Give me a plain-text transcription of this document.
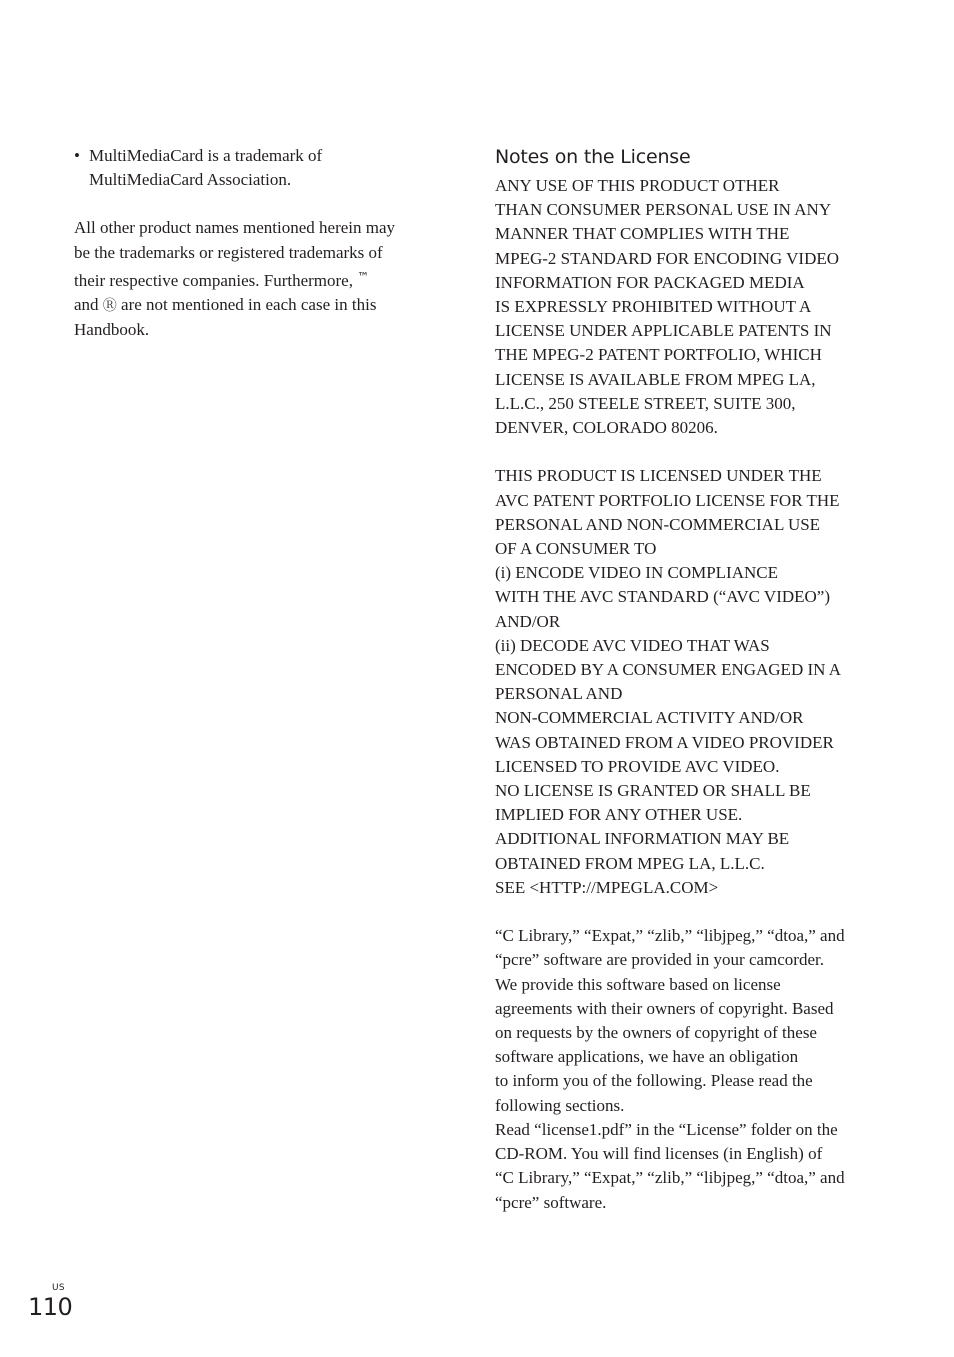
• MultiMediaCard is a trademark of
MultiMediaCard Association.
All other product names mentioned herein may
be the trademarks or registered trademarks of
their respective companies. Furthermore, ™
and Ⓡ are not mentioned in each case in this
Handbook.
Notes on the License

ANY USE OF THIS PRODUCT OTHER
THAN CONSUMER PERSONAL USE IN ANY
MANNER THAT COMPLIES WITH THE
MPEG-2 STANDARD FOR ENCODING VIDEO
INFORMATION FOR PACKAGED MEDIA
IS EXPRESSLY PROHIBITED WITHOUT A
LICENSE UNDER APPLICABLE PATENTS IN
THE MPEG-2 PATENT PORTFOLIO, WHICH
LICENSE IS AVAILABLE FROM MPEG LA,
L.L.C., 250 STEELE STREET, SUITE 300,
DENVER, COLORADO 80206.

THIS PRODUCT IS LICENSED UNDER THE
AVC PATENT PORTFOLIO LICENSE FOR THE
PERSONAL AND NON-COMMERCIAL USE
OF A CONSUMER TO
(i) ENCODE VIDEO IN COMPLIANCE
WITH THE AVC STANDARD (“AVC VIDEO”)
AND/OR
(ii) DECODE AVC VIDEO THAT WAS
ENCODED BY A CONSUMER ENGAGED IN A
PERSONAL AND
NON-COMMERCIAL ACTIVITY AND/OR
WAS OBTAINED FROM A VIDEO PROVIDER
LICENSED TO PROVIDE AVC VIDEO.
NO LICENSE IS GRANTED OR SHALL BE
IMPLIED FOR ANY OTHER USE.
ADDITIONAL INFORMATION MAY BE
OBTAINED FROM MPEG LA, L.L.C.
SEE <HTTP://MPEGLA.COM>

“C Library,” “Expat,” “zlib,” “libjpeg,” “dtoa,” and
“pcre” software are provided in your camcorder.
We provide this software based on license
agreements with their owners of copyright. Based
on requests by the owners of copyright of these
software applications, we have an obligation
to inform you of the following. Please read the
following sections.
Read “license1.pdf” in the “License” folder on the
CD-ROM. You will find licenses (in English) of
“C Library,” “Expat,” “zlib,” “libjpeg,” “dtoa,” and
“pcre” software.

US
110
